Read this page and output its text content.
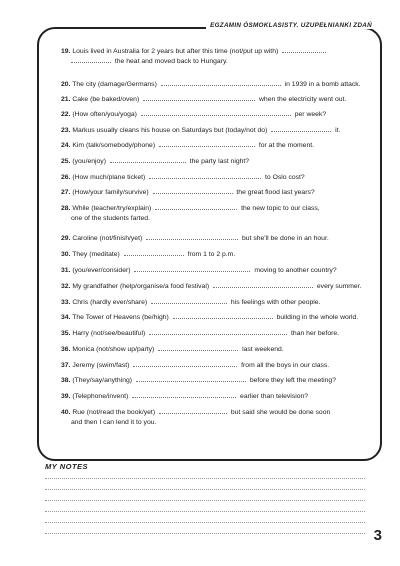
EGZAMIN ÓSMOKLASISTY. UZUPEŁNIANKI ZDAŃ
19. Louis lived in Australia for 2 years but after this time (not/put up with)
the heat and moved back to Hungary.
20. The city (damage/Germans)	in 1939 in a bomb attack.
21. Cake (be baked/oven)	when the electricity went out.
22. (How often/you/yoga)	per week?
23. Markus usually cleans his house on Saturdays but (today/not do)	it.
24. Kim (talk/somebody/phone)	for at the moment.
25. (you/enjoy)	the party last night?
26. (How much/plane ticket)	to Oslo cost?
27. (How/your family/survive)	the great flood last years?
28. While (teacher/try/explain)	the new topic to our class,
one of the students farted.
29. Caroline (not/finish/yet)	but she'll be done in an hour.
30. They (meditate)	from 1 to 2 p.m.
31. (you/ever/consider)	moving to another country?
32. My grandfather (help/organise/a food festival)	every summer.
33. Chris (hardly ever/share)	his feelings with other people.
34. The Tower of Heavens (be/high)	building in the whole world.
35. Harry (not/see/beautiful)	than her before.
36. Monica (not/show up/party)	last weekend.
37. Jeremy (swim/fast)	from all the boys in our class.
38. (They/say/anything)	before they left the meeting?
39. (Telephone/invent)	earlier than television?
40. Rue (not/read the book/yet)	but said she would be done soon
and then I can lend it to you.
MY NOTES
3
